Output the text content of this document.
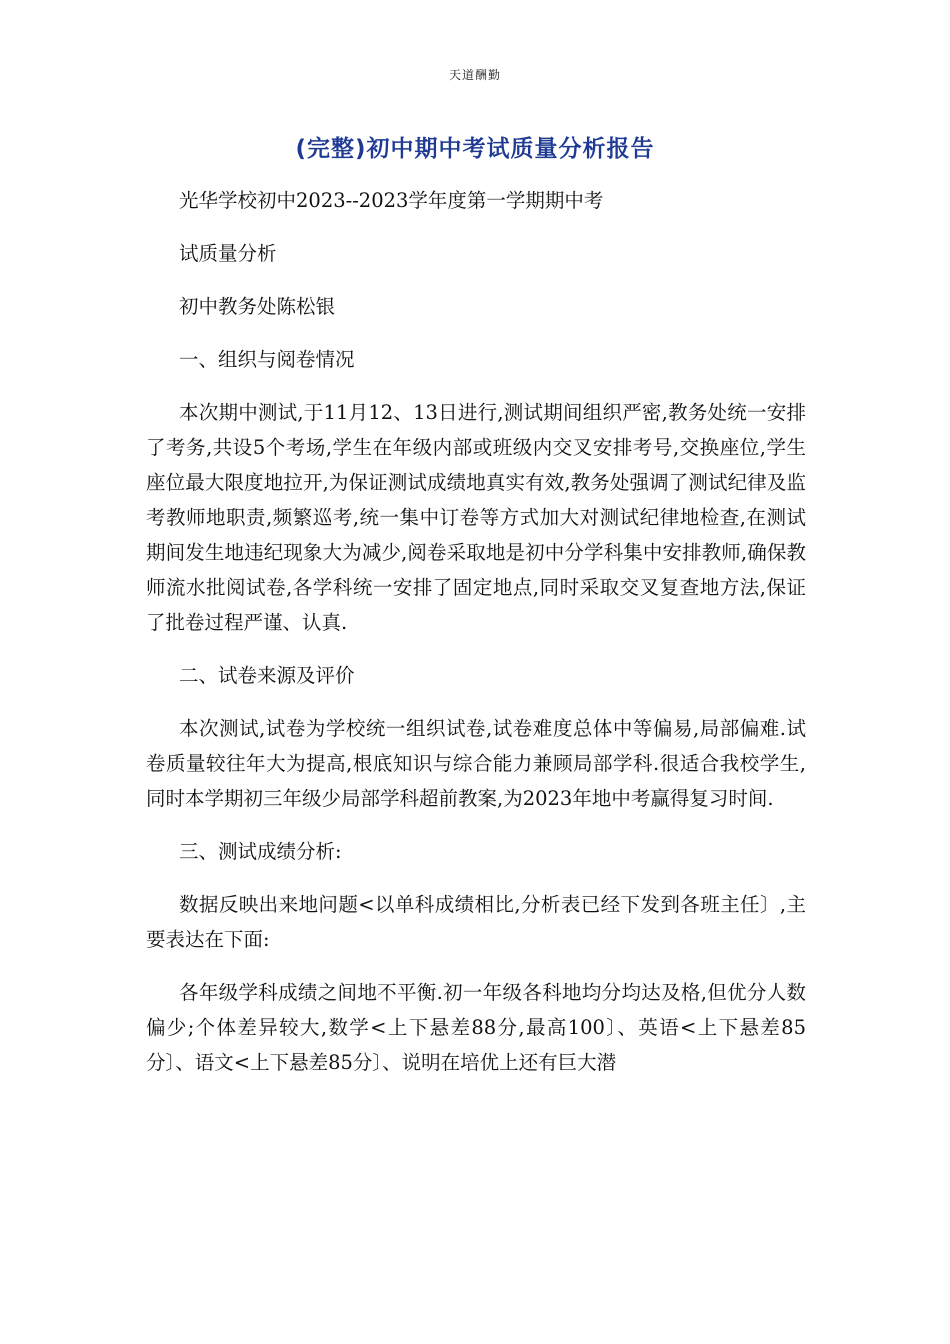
天道酬勤
(完整)初中期中考试质量分析报告

光华学校初中2023--2023学年度第一学期期中考

试质量分析

初中教务处陈松银

一、组织与阅卷情况

本次期中测试,于11月12、13日进行,测试期间组织严密,教务处统一安排了考务,共设5个考场,学生在年级内部或班级内交叉安排考号,交换座位,学生座位最大限度地拉开,为保证测试成绩地真实有效,教务处强调了测试纪律及监考教师地职责,频繁巡考,统一集中订卷等方式加大对测试纪律地检查,在测试期间发生地违纪现象大为减少,阅卷采取地是初中分学科集中安排教师,确保教师流水批阅试卷,各学科统一安排了固定地点,同时采取交叉复查地方法,保证了批卷过程严谨、认真.

二、试卷来源及评价

本次测试,试卷为学校统一组织试卷,试卷难度总体中等偏易,局部偏难.试卷质量较往年大为提高,根底知识与综合能力兼顾局部学科.很适合我校学生,同时本学期初三年级少局部学科超前教案,为2023年地中考赢得复习时间.

三、测试成绩分析:

数据反映出来地问题<以单科成绩相比,分析表已经下发到各班主任〕,主要表达在下面:

各年级学科成绩之间地不平衡.初一年级各科地均分均达及格,但优分人数偏少;个体差异较大,数学<上下悬差88分,最高100〕、英语<上下悬差85分〕、语文<上下悬差85分〕、说明在培优上还有巨大潜
